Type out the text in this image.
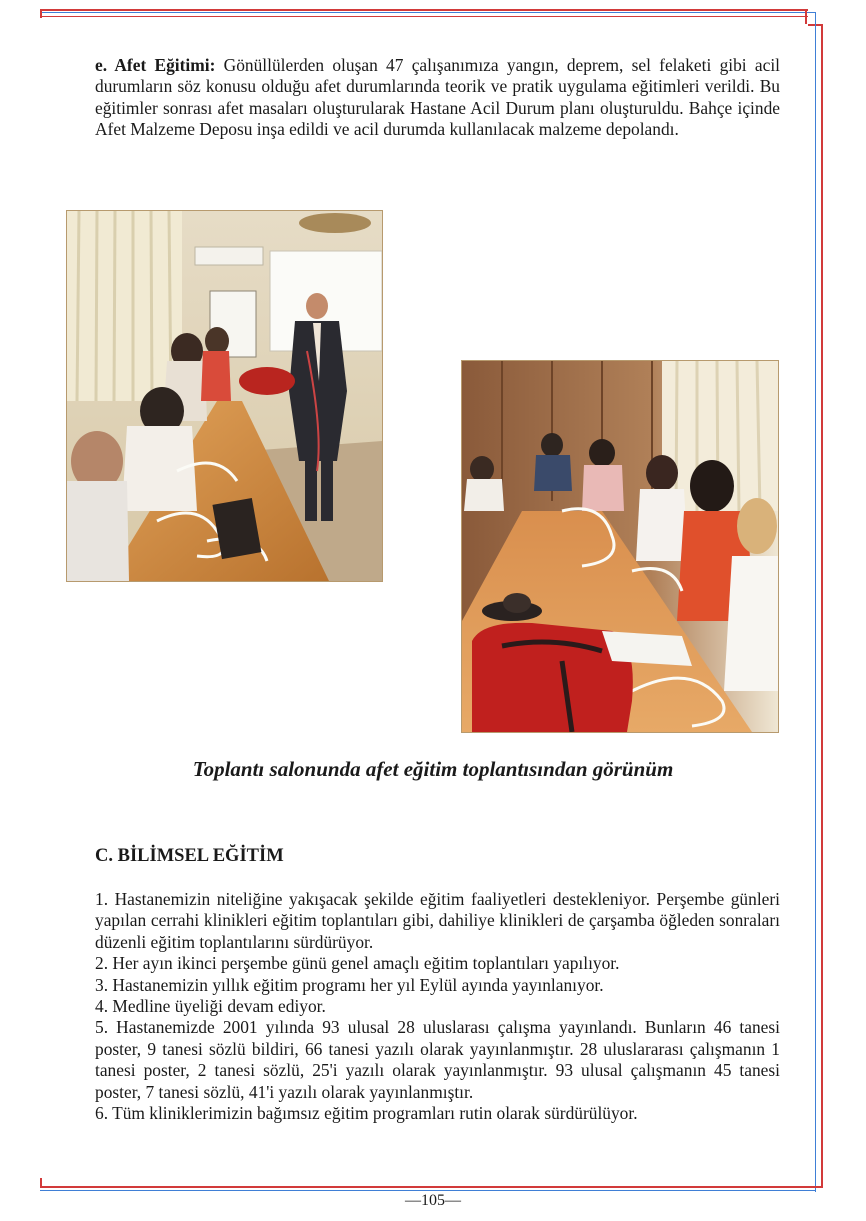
e. Afet Eğitimi: Gönüllülerden oluşan 47 çalışanımıza yangın, deprem, sel felaketi gibi acil durumların söz konusu olduğu afet durumlarında teorik ve pratik uygulama eğitimleri verildi. Bu eğitimler sonrası afet masaları oluşturularak Hastane Acil Durum planı oluşturuldu. Bahçe içinde Afet Malzeme Deposu inşa edildi ve acil durumda kullanılacak malzeme depolandı.

Toplantı salonunda afet eğitim toplantısından görünüm

C. BİLİMSEL EĞİTİM
1. Hastanemizin niteliğine yakışacak şekilde eğitim faaliyetleri destekleniyor. Perşembe günleri yapılan cerrahi klinikleri eğitim toplantıları gibi, dahiliye klinikleri de çarşamba öğleden sonraları düzenli eğitim toplantılarını sürdürüyor.
2. Her ayın ikinci perşembe günü genel amaçlı eğitim toplantıları yapılıyor.
3. Hastanemizin yıllık eğitim programı her yıl Eylül ayında yayınlanıyor.
4. Medline üyeliği devam ediyor.
5. Hastanemizde 2001 yılında 93 ulusal 28 uluslarası çalışma yayınlandı. Bunların 46 tanesi poster, 9 tanesi sözlü bildiri, 66 tanesi yazılı olarak yayınlanmıştır. 28 uluslararası çalışmanın 1 tanesi poster, 2 tanesi sözlü, 25'i yazılı olarak yayınlanmıştır. 93 ulusal çalışmanın 45 tanesi poster, 7 tanesi sözlü, 41'i yazılı olarak yayınlanmıştır.
6. Tüm kliniklerimizin bağımsız eğitim programları rutin olarak sürdürülüyor.
—105—
